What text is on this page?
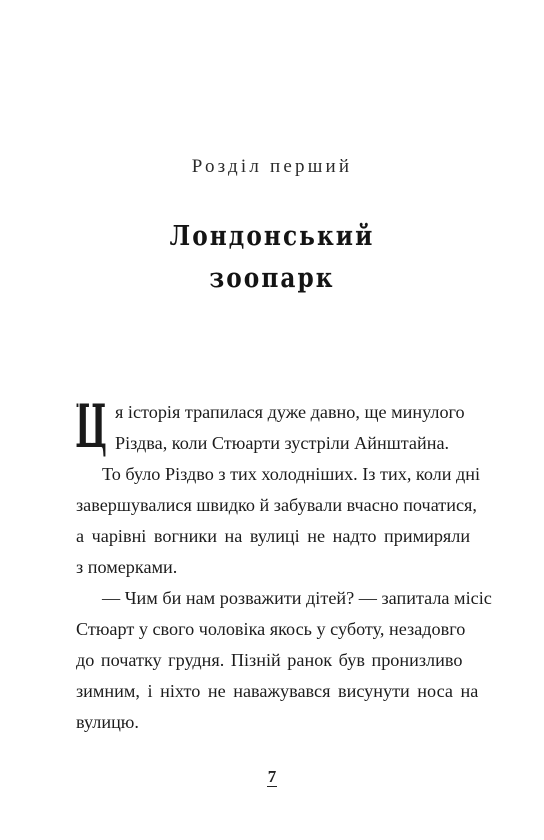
Розділ перший
Лондонський
зоопарк
Ц я історія трапилася дуже давно, ще минулого
Різдва, коли Стюарти зустріли Айнштайна.
То було Різдво з тих холодніших. Із тих, коли дні
завершувалися швидко й забували вчасно початися,
а чарівні вогники на вулиці не надто примиряли
з померками.
— Чим би нам розважити дітей? — запитала місіс
Стюарт у свого чоловіка якось у суботу, незадовго
до початку грудня. Пізній ранок був пронизливо
зимним, і ніхто не наважувався висунути носа на
вулицю.
7
